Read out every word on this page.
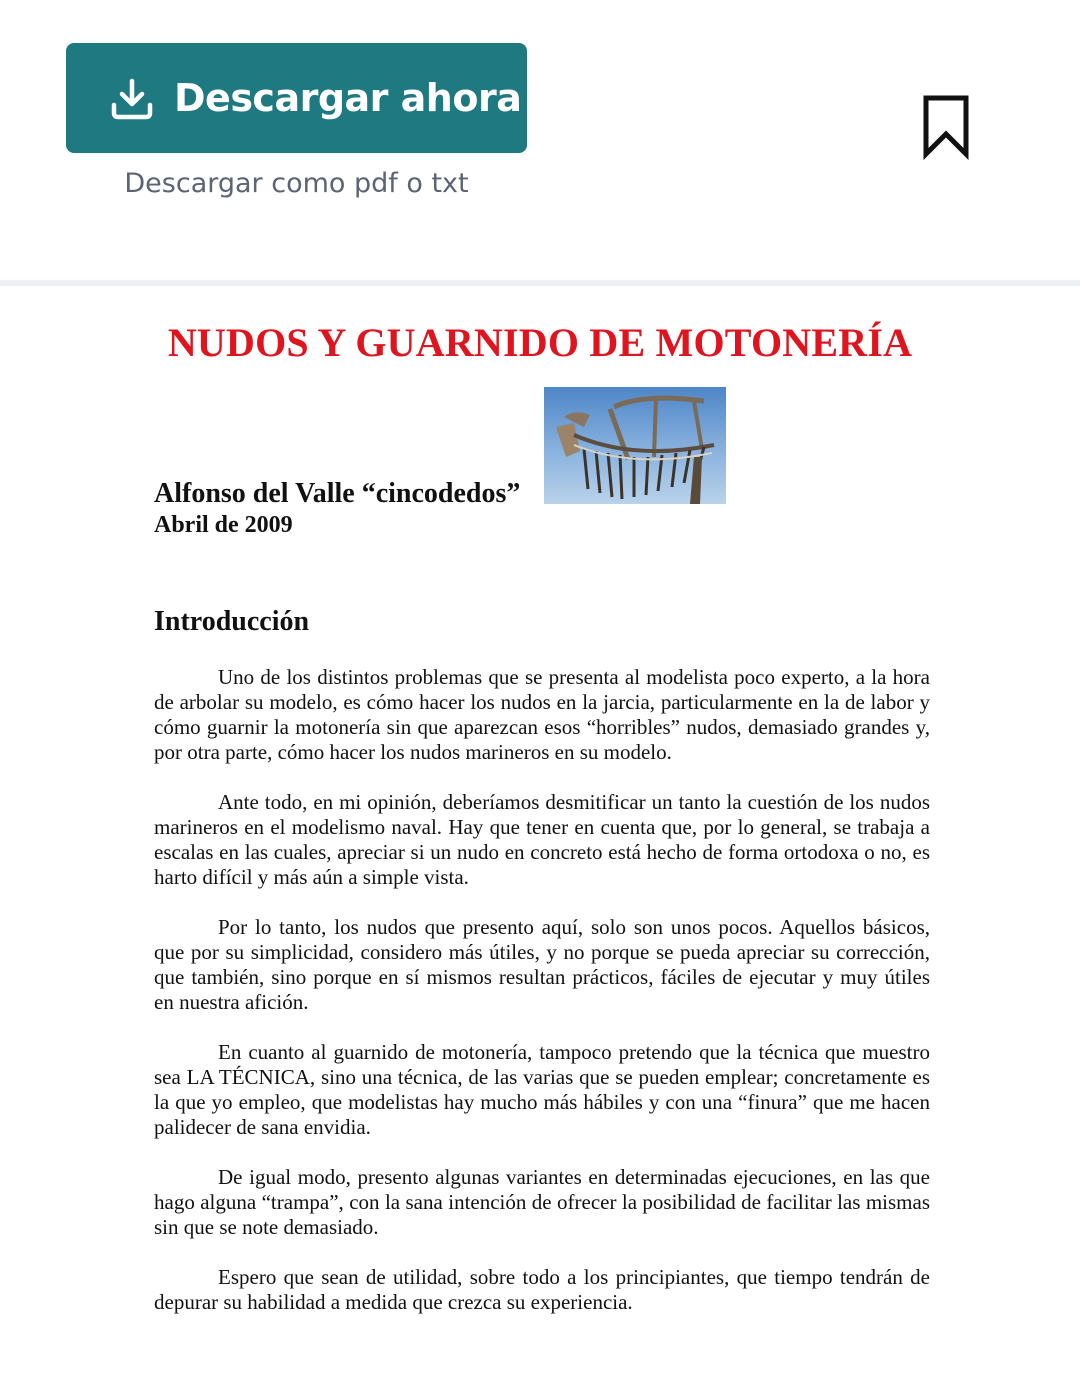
Descargar ahora
Descargar como pdf o txt
NUDOS Y GUARNIDO DE MOTONERÍA
Alfonso del Valle “cincodedos”
Abril de 2009
Introducción

Uno de los distintos problemas que se presenta al modelista poco experto, a la hora de arbolar su modelo, es cómo hacer los nudos en la jarcia, particularmente en la de labor y cómo guarnir la motonería sin que aparezcan esos “horribles” nudos, demasiado grandes y, por otra parte, cómo hacer los nudos marineros en su modelo.

Ante todo, en mi opinión, deberíamos desmitificar un tanto la cuestión de los nudos marineros en el modelismo naval. Hay que tener en cuenta que, por lo general, se trabaja a escalas en las cuales, apreciar si un nudo en concreto está hecho de forma ortodoxa o no, es harto difícil y más aún a simple vista.

Por lo tanto, los nudos que presento aquí, solo son unos pocos. Aquellos básicos, que por su simplicidad, considero más útiles, y no porque se pueda apreciar su corrección, que también, sino porque en sí mismos resultan prácticos, fáciles de ejecutar y muy útiles en nuestra afición.

En cuanto al guarnido de motonería, tampoco pretendo que la técnica que muestro sea LA TÉCNICA, sino una técnica, de las varias que se pueden emplear; concretamente es la que yo empleo, que modelistas hay mucho más hábiles y con una “finura” que me hacen palidecer de sana envidia.

De igual modo, presento algunas variantes en determinadas ejecuciones, en las que hago alguna “trampa”, con la sana intención de ofrecer la posibilidad de facilitar las mismas sin que se note demasiado.

Espero que sean de utilidad, sobre todo a los principiantes, que tiempo tendrán de depurar su habilidad a medida que crezca su experiencia.
